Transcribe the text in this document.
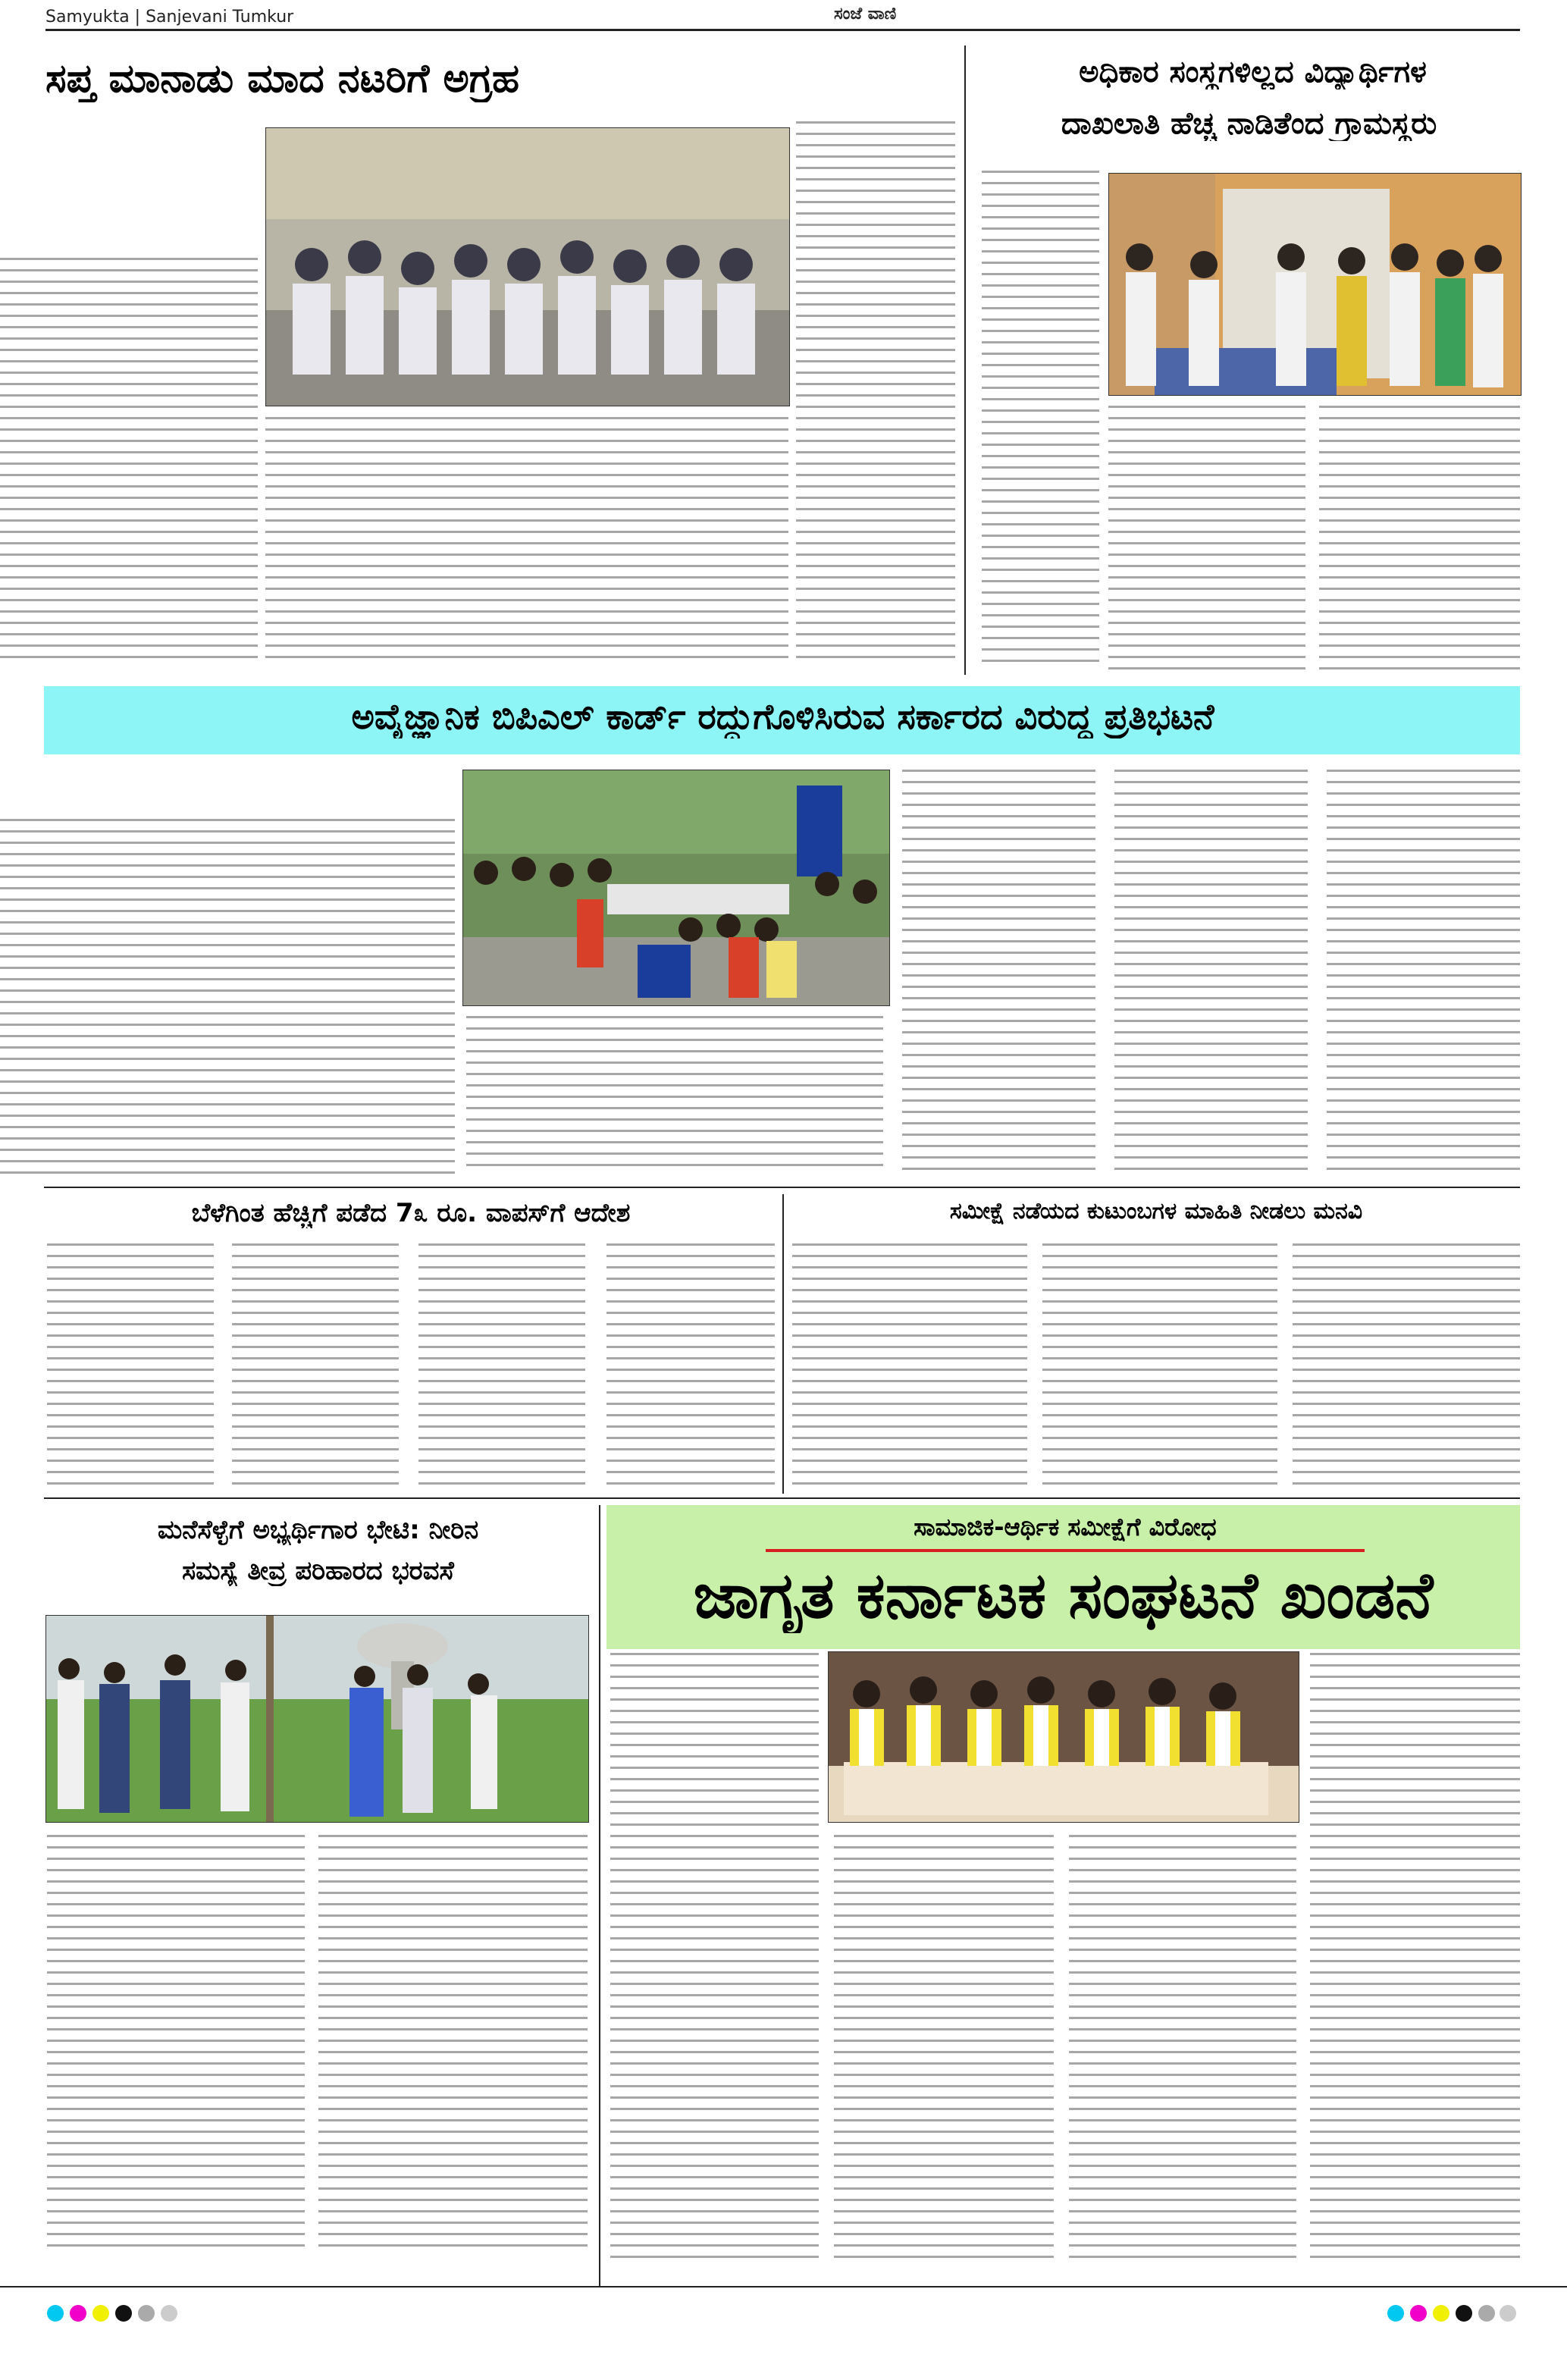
Samyukta | Sanjevani Tumkur	ಸಂಜೆ ವಾಣಿ
ಸಪ್ತ ಮಾನಾಡು ಮಾದ ನಟರಿಗೆ ಅಗ್ರಹ	ಅಧಿಕಾರ ಸಂಸ್ಥಗಳಿಲ್ಲದ ವಿದ್ಯಾರ್ಥಿಗಳ
ದಾಖಲಾತಿ ಹೆಚ್ಚ ನಾಡಿತೆಂದ ಗ್ರಾಮಸ್ಥರು
ಅವೈಜ್ಞಾನಿಕ ಬಿಪಿಎಲ್ ಕಾರ್ಡ್ ರದ್ದುಗೊಳಿಸಿರುವ ಸರ್ಕಾರದ ವಿರುದ್ಧ ಪ್ರತಿಭಟನೆ
ಬೆಳೆಗಿಂತ ಹೆಚ್ಚಿಗೆ ಪಡೆದ 7೩ ರೂ. ವಾಪಸ್‌ಗೆ ಆದೇಶ	ಸಮೀಕ್ಷೆ ನಡೆಯದ ಕುಟುಂಬಗಳ ಮಾಹಿತಿ ನೀಡಲು ಮನವಿ
ಮನೆಸೆಳ್ಳೆಗೆ ಅಭ್ಯರ್ಥಿಗಾರ ಭೇಟಿ: ನೀರಿನ
ಸಮಸ್ಯೆ ತೀವ್ರ ಪರಿಹಾರದ ಭರವಸೆ
ಸಾಮಾಜಿಕ-ಆರ್ಥಿಕ ಸಮೀಕ್ಷೆಗೆ ವಿರೋಧ
ಜಾಗೃತ ಕರ್ನಾಟಕ ಸಂಘಟನೆ ಖಂಡನೆ
